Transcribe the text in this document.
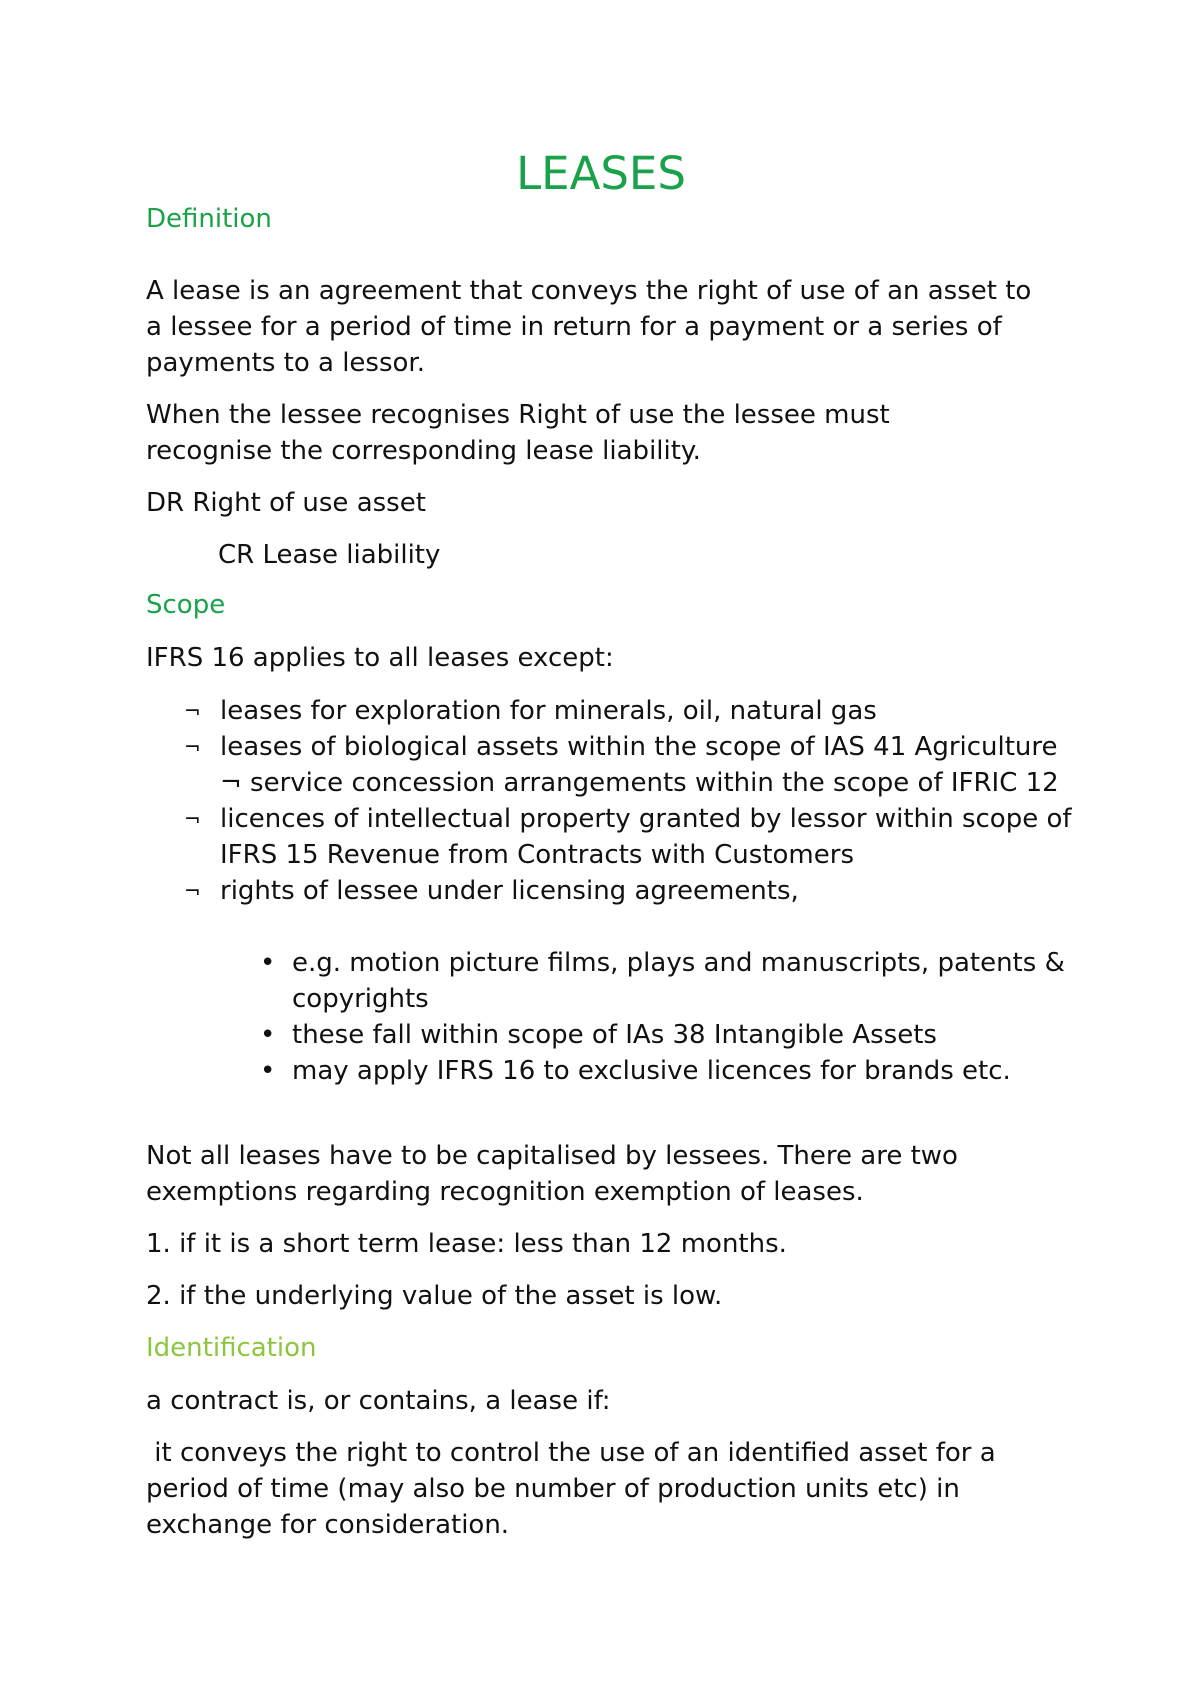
LEASES
Definition

A lease is an agreement that conveys the right of use of an asset to a lessee for a period of time in return for a payment or a series of payments to a lessor.

When the lessee recognises Right of use the lessee must recognise the corresponding lease liability.

DR Right of use asset

CR Lease liability

Scope

IFRS 16 applies to all leases except:

¬ leases for exploration for minerals, oil, natural gas
¬ leases of biological assets within the scope of IAS 41 Agriculture ¬ service concession arrangements within the scope of IFRIC 12
¬ licences of intellectual property granted by lessor within scope of IFRS 15 Revenue from Contracts with Customers
¬ rights of lessee under licensing agreements,
• e.g. motion picture films, plays and manuscripts, patents & copyrights
• these fall within scope of IAs 38 Intangible Assets
• may apply IFRS 16 to exclusive licences for brands etc.

Not all leases have to be capitalised by lessees. There are two exemptions regarding recognition exemption of leases.

1. if it is a short term lease: less than 12 months.

2. if the underlying value of the asset is low.

Identification

a contract is, or contains, a lease if:

it conveys the right to control the use of an identified asset for a period of time (may also be number of production units etc) in exchange for consideration.
